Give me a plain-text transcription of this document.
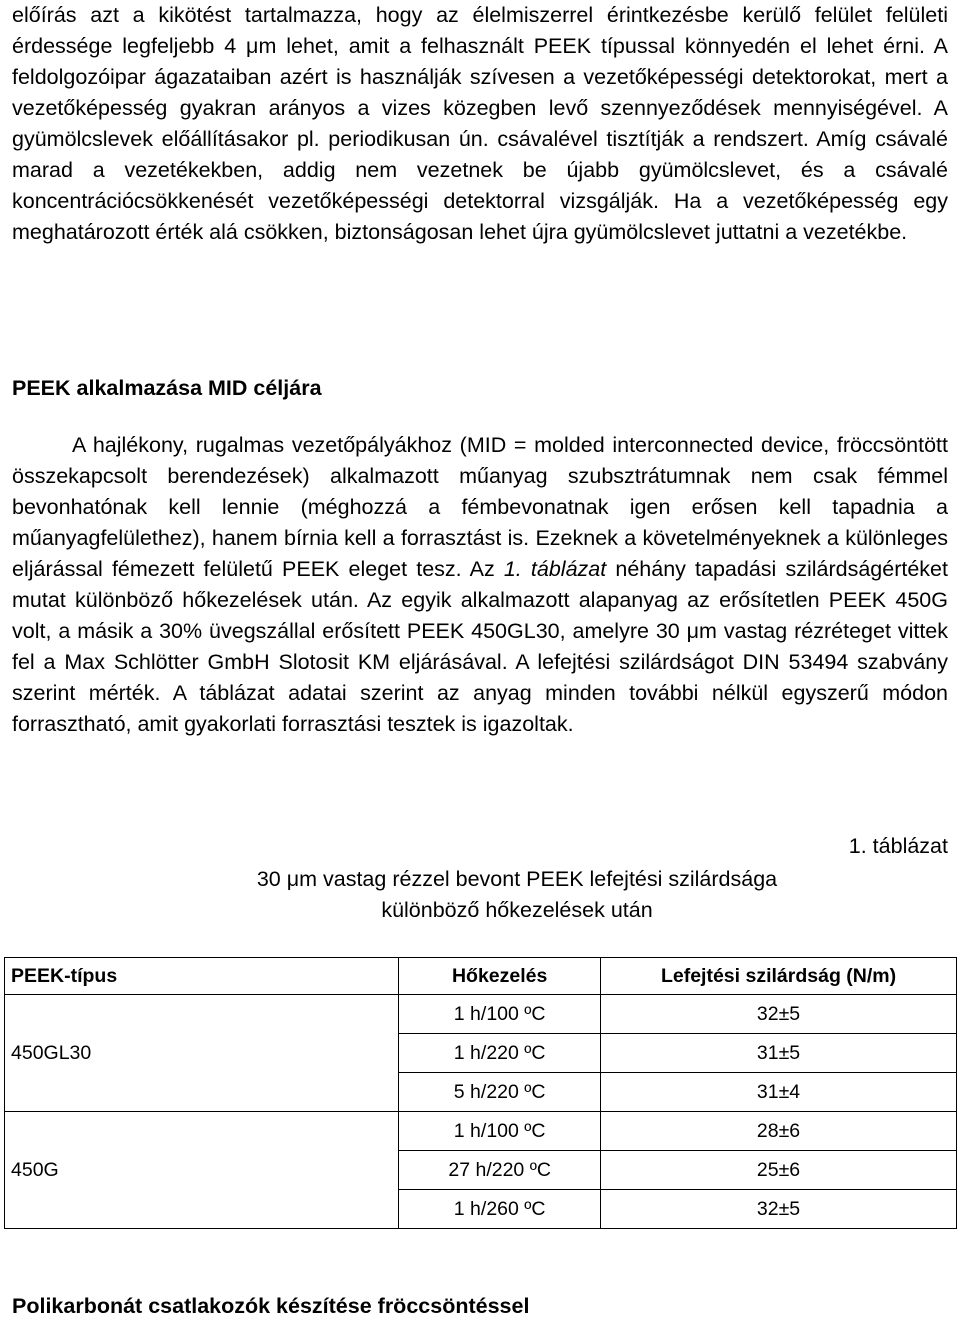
előírás azt a kikötést tartalmazza, hogy az élelmiszerrel érintkezésbe kerülő felület felületi érdessége legfeljebb 4 μm lehet, amit a felhasznált PEEK típussal könnyedén el lehet érni. A feldolgozóipar ágazataiban azért is használják szívesen a vezetőképességi detektorokat, mert a vezetőképesség gyakran arányos a vizes közegben levő szennyeződések mennyiségével. A gyümölcslevek előállításakor pl. periodikusan ún. csávalével tisztítják a rendszert. Amíg csávalé marad a vezetékekben, addig nem vezetnek be újabb gyümölcslevet, és a csávalé koncentrációcsökkenését vezetőképességi detektorral vizsgálják. Ha a vezetőképesség egy meghatározott érték alá csökken, biztonságosan lehet újra gyümölcslevet juttatni a vezetékbe.

PEEK alkalmazása MID céljára

A hajlékony, rugalmas vezetőpályákhoz (MID = molded interconnected device, fröccsöntött összekapcsolt berendezések) alkalmazott műanyag szubsztrátumnak nem csak fémmel bevonhatónak kell lennie (méghozzá a fémbevonatnak igen erősen kell tapadnia a műanyagfelülethez), hanem bírnia kell a forrasztást is. Ezeknek a követelményeknek a különleges eljárással fémezett felületű PEEK eleget tesz. Az 1. táblázat néhány tapadási szilárdságértéket mutat különböző hőkezelések után. Az egyik alkalmazott alapanyag az erősítetlen PEEK 450G volt, a másik a 30% üvegszállal erősített PEEK 450GL30, amelyre 30 μm vastag rézréteget vittek fel a Max Schlötter GmbH Slotosit KM eljárásával. A lefejtési szilárdságot DIN 53494 szabvány szerint mérték. A táblázat adatai szerint az anyag minden további nélkül egyszerű módon forrasztható, amit gyakorlati forrasztási tesztek is igazoltak.

1. táblázat
30 μm vastag rézzel bevont PEEK lefejtési szilárdsága
különböző hőkezelések után
PEEK-típus	Hőkezelés	Lefejtési szilárdság (N/m)
450GL30	1 h/100 ºC	32±5
	1 h/220 ºC	31±5
	5 h/220 ºC	31±4
450G	1 h/100 ºC	28±6
	27 h/220 ºC	25±6
	1 h/260 ºC	32±5
Polikarbonát csatlakozók készítése fröccsöntéssel
